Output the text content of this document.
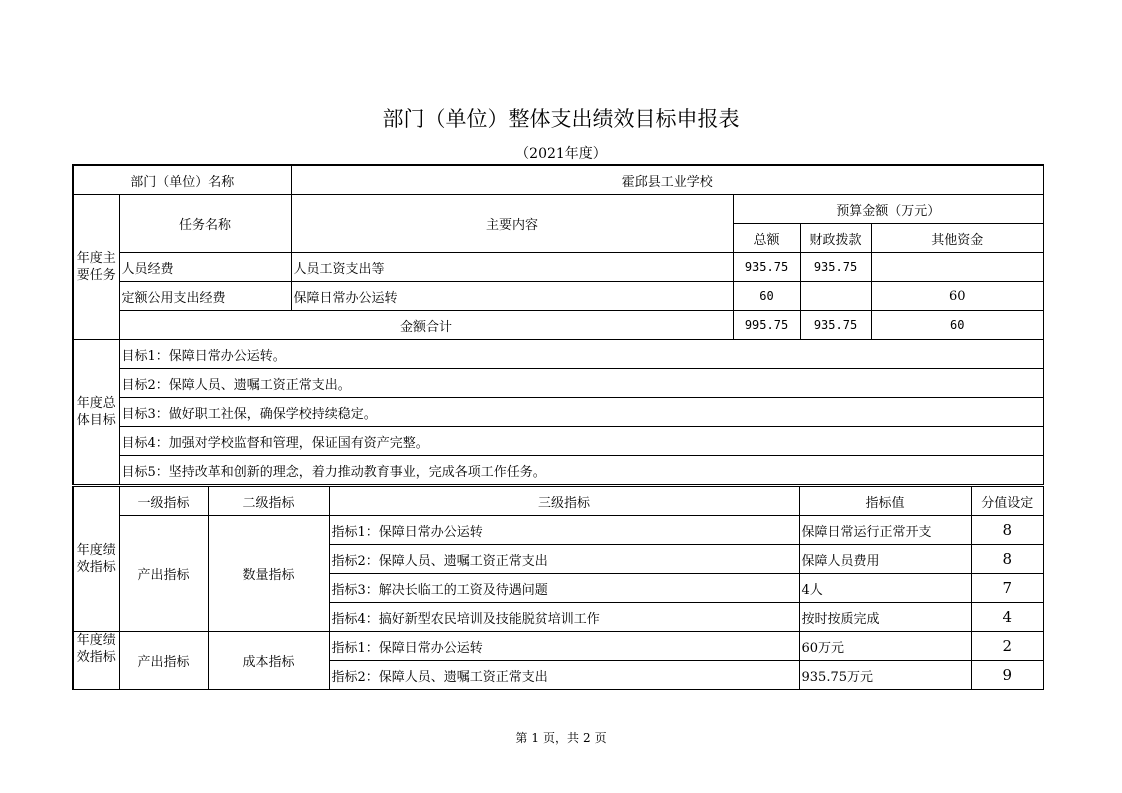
部门（单位）整体支出绩效目标申报表
（2021年度）
部门（单位）名称		霍邱县工业学校			
年度主要任务	任务名称	主要内容	预算金额（万元）		
			总额	财政拨款	其他资金
	人员经费	人员工资支出等	935.75	935.75	
	定额公用支出经费	保障日常办公运转	60		60
	金额合计		995.75	935.75	60
年度总体目标	目标1：保障日常办公运转。				
	目标2：保障人员、遗嘱工资正常支出。				
	目标3：做好职工社保，确保学校持续稳定。				
	目标4：加强对学校监督和管理，保证国有资产完整。				
	目标5：坚持改革和创新的理念，着力推动教育事业，完成各项工作任务。				
年度绩效指标	一级指标	二级指标	三级指标	指标值	分值设定
	产出指标	数量指标	指标1：保障日常办公运转	保障日常运行正常开支	8
			指标2：保障人员、遗嘱工资正常支出	保障人员费用	8
			指标3：解决长临工的工资及待遇问题	4人	7
			指标4：搞好新型农民培训及技能脱贫培训工作	按时按质完成	4
年度绩效指标	产出指标	成本指标	指标1：保障日常办公运转	60万元	2
			指标2：保障人员、遗嘱工资正常支出	935.75万元	9
第 1 页，共 2 页
